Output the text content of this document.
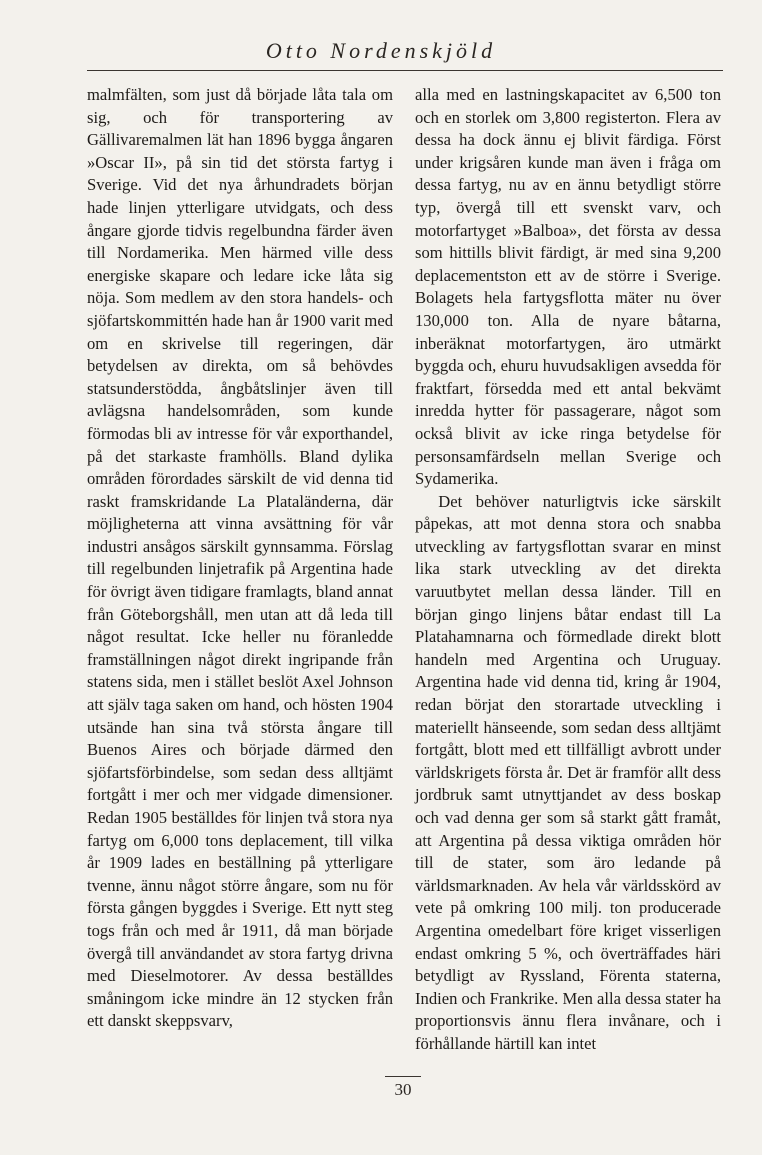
Otto Nordenskjöld

malmfälten, som just då började låta tala om sig, och för transportering av Gällivaremalmen lät han 1896 bygga ångaren »Oscar II», på sin tid det största fartyg i Sverige. Vid det nya århundradets början hade linjen ytterligare utvidgats, och dess ångare gjorde tidvis regelbundna färder även till Nordamerika. Men härmed ville dess energiske skapare och ledare icke låta sig nöja. Som medlem av den stora handels- och sjöfartskommittén hade han år 1900 varit med om en skrivelse till regeringen, där betydelsen av direkta, om så behövdes statsunderstödda, ångbåtslinjer även till avlägsna handelsområden, som kunde förmodas bli av intresse för vår exporthandel, på det starkaste framhölls. Bland dylika områden förordades särskilt de vid denna tid raskt framskridande La Plataländerna, där möjligheterna att vinna avsättning för vår industri ansågos särskilt gynnsamma. Förslag till regelbunden linjetrafik på Argentina hade för övrigt även tidigare framlagts, bland annat från Göteborgshåll, men utan att då leda till något resultat. Icke heller nu föranledde framställningen något direkt ingripande från statens sida, men i stället beslöt Axel Johnson att själv taga saken om hand, och hösten 1904 utsände han sina två största ångare till Buenos Aires och började därmed den sjöfartsförbindelse, som sedan dess alltjämt fortgått i mer och mer vidgade dimensioner. Redan 1905 beställdes för linjen två stora nya fartyg om 6,000 tons deplacement, till vilka år 1909 lades en beställning på ytterligare tvenne, ännu något större ångare, som nu för första gången byggdes i Sverige. Ett nytt steg togs från och med år 1911, då man började övergå till användandet av stora fartyg drivna med Dieselmotorer. Av dessa beställdes småningom icke mindre än 12 stycken från ett danskt skeppsvarv,

alla med en lastningskapacitet av 6,500 ton och en storlek om 3,800 registerton. Flera av dessa ha dock ännu ej blivit färdiga. Först under krigsåren kunde man även i fråga om dessa fartyg, nu av en ännu betydligt större typ, övergå till ett svenskt varv, och motorfartyget »Balboa», det första av dessa som hittills blivit färdigt, är med sina 9,200 deplacementston ett av de större i Sverige. Bolagets hela fartygsflotta mäter nu över 130,000 ton. Alla de nyare båtarna, inberäknat motorfartygen, äro utmärkt byggda och, ehuru huvudsakligen avsedda för fraktfart, försedda med ett antal bekvämt inredda hytter för passagerare, något som också blivit av icke ringa betydelse för personsamfärdseln mellan Sverige och Sydamerika.

Det behöver naturligtvis icke särskilt påpekas, att mot denna stora och snabba utveckling av fartygsflottan svarar en minst lika stark utveckling av det direkta varuutbytet mellan dessa länder. Till en början gingo linjens båtar endast till La Platahamnarna och förmedlade direkt blott handeln med Argentina och Uruguay. Argentina hade vid denna tid, kring år 1904, redan börjat den storartade utveckling i materiellt hänseende, som sedan dess alltjämt fortgått, blott med ett tillfälligt avbrott under världskrigets första år. Det är framför allt dess jordbruk samt utnyttjandet av dess boskap och vad denna ger som så starkt gått framåt, att Argentina på dessa viktiga områden hör till de stater, som äro ledande på världsmarknaden. Av hela vår världsskörd av vete på omkring 100 milj. ton producerade Argentina omedelbart före kriget visserligen endast omkring 5 %, och överträffades häri betydligt av Ryssland, Förenta staterna, Indien och Frankrike. Men alla dessa stater ha proportionsvis ännu flera invånare, och i förhållande härtill kan intet

30
